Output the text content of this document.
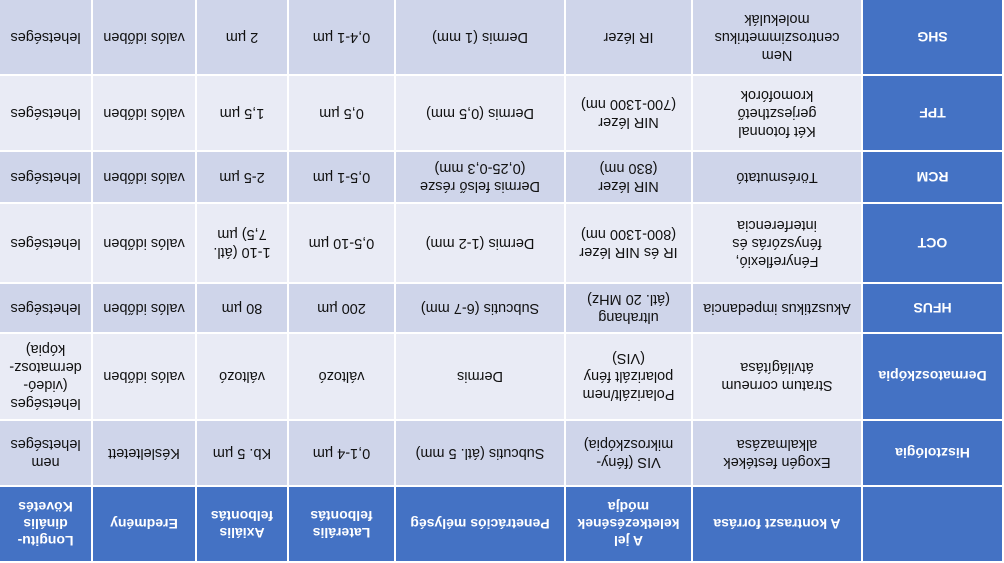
	A kontraszt forrása	A jel
keletkezésének
módja	Penetrációs mélység	Laterális
felbontás	Axiális
felbontás	Eredmény	Longitu-
dinális
Követés
Hisztológia	Exogén festékek
alkalmazása	VIS (fény-
mikroszkópia)	Subcutis (átl. 5 mm)	0,1-4 µm	Kb. 5 µm	Késleltetett	nem
lehetséges
Dermatoszkópia	Stratum corneum
átvilágítása	Polarizált/nem
polarizált fény
(VIS)	Dermis	változó	változó	valós időben	lehetséges
(videó-
dermatosz-
kópia)
HFUS	Akusztikus impedancia	ultrahang
(átl. 20 MHz)	Subcutis (6-7 mm)	200 µm	80 µm	valós időben	lehetséges
OCT	Fényreflexió,
fényszórás és
interferencia	IR és NIR lézer
(800-1300 nm)	Dermis (1-2 mm)	0,5-10 µm	1-10 (átl.
7,5) µm	valós időben	lehetséges
RCM	Törésmutató	NIR lézer
(830 nm)	Dermis felső része
(0,25-0,3 mm)	0,5-1 µm	2-5 µm	valós időben	lehetséges
TPF	Két fotonnal
gerjeszthető
kromofórok	NIR lézer
(700-1300 nm)	Dermis (0,5 mm)	0,5 µm	1,5 µm	valós időben	lehetséges
SHG	Nem
centroszimmetrikus
molekulák	IR lézer	Dermis (1 mm)	0,4-1 µm	2 µm	valós időben	lehetséges
